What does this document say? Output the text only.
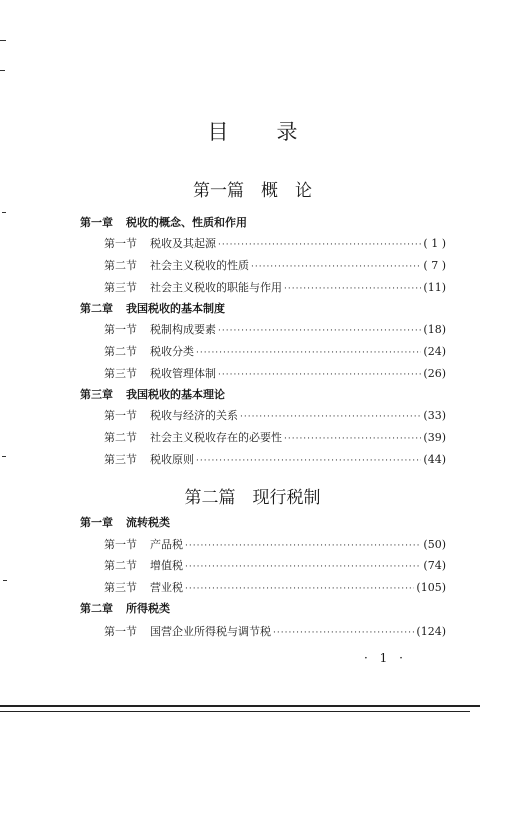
目录
第一篇　概　论
第一章 税收的概念、性质和作用
第一节	税收及其起源 ·····	( 1 )
第二节	社会主义税收的性质 ·····	( 7 )
第三节	社会主义税收的职能与作用 ·····	(11)
第二章 我国税收的基本制度
第一节	税制构成要素 ·····	(18)
第二节	税收分类 ·····	(24)
第三节	税收管理体制 ·····	(26)
第三章 我国税收的基本理论
第一节	税收与经济的关系 ·····	(33)
第二节	社会主义税收存在的必要性 ·····	(39)
第三节	税收原则 ·····	(44)
第二篇　现行税制
第一章 流转税类
第一节	产品税 ·····	(50)
第二节	增值税 ·····	(74)
第三节	营业税 ·····	(105)
第二章 所得税类
第一节	国营企业所得税与调节税 ·····	(124)
· 1 ·
